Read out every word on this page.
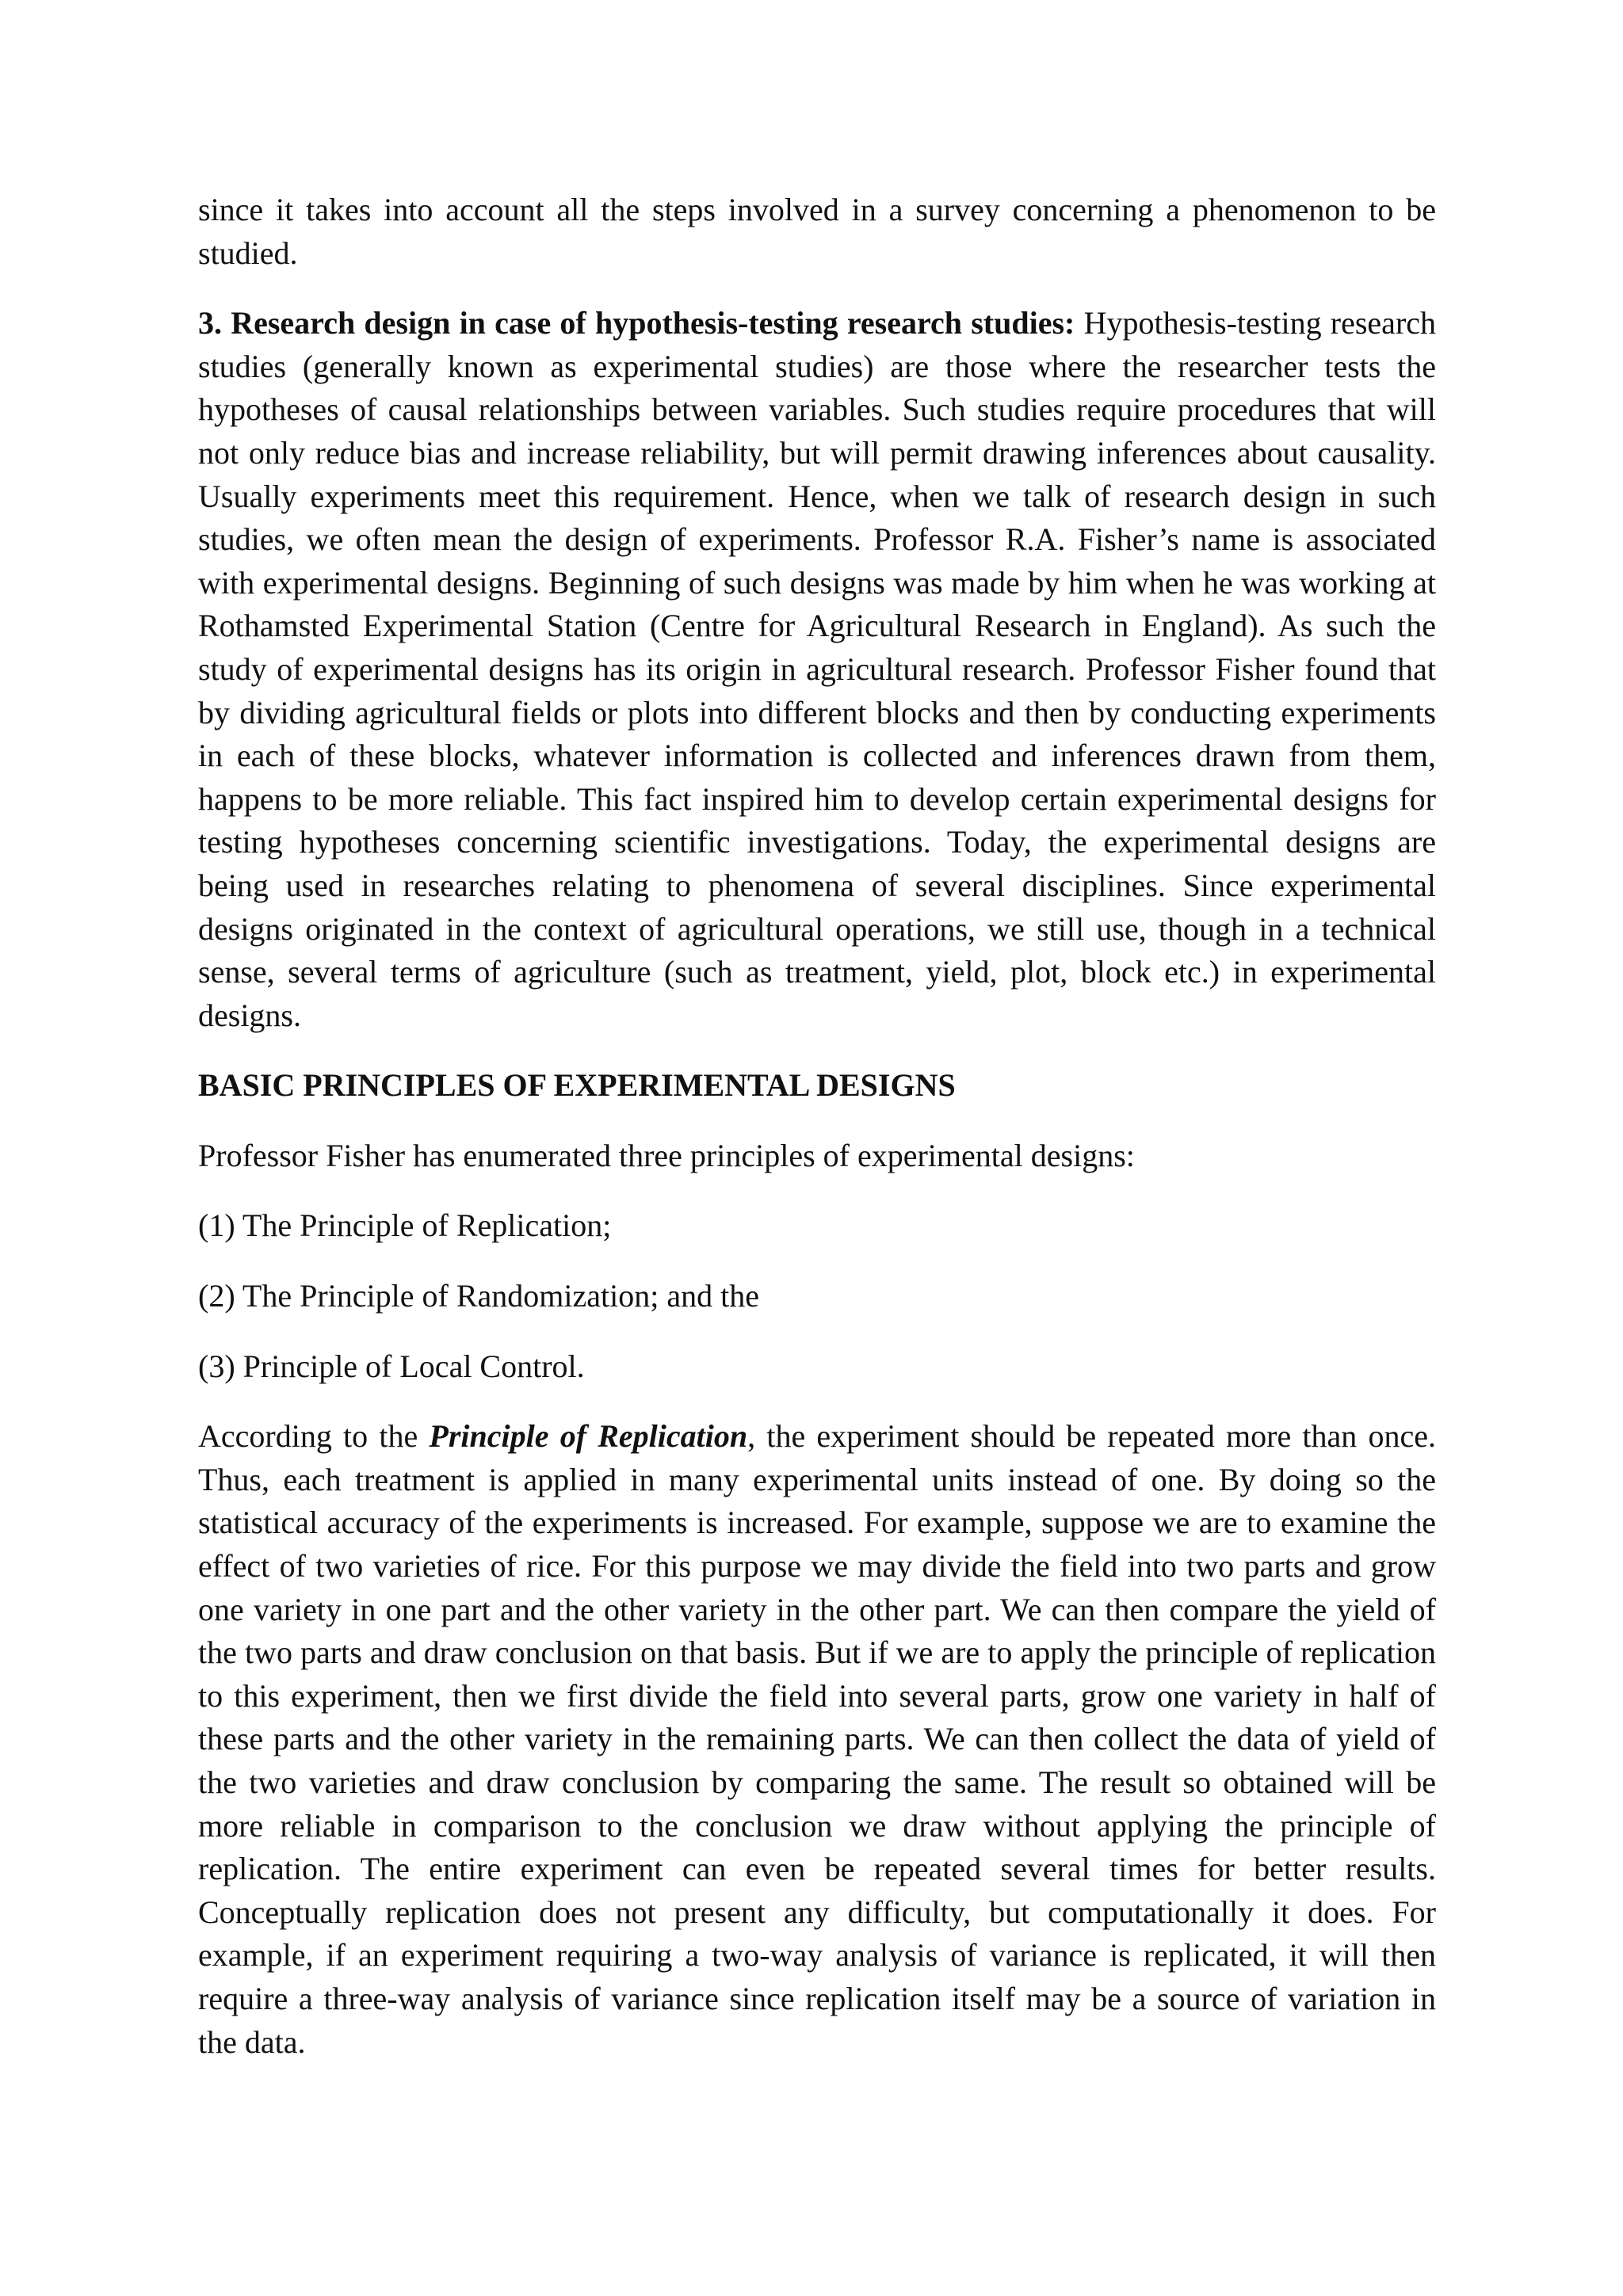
since it takes into account all the steps involved in a survey concerning a phenomenon to be studied.

3. Research design in case of hypothesis-testing research studies: Hypothesis-testing research studies (generally known as experimental studies) are those where the researcher tests the hypotheses of causal relationships between variables. Such studies require procedures that will not only reduce bias and increase reliability, but will permit drawing inferences about causality. Usually experiments meet this requirement. Hence, when we talk of research design in such studies, we often mean the design of experiments. Professor R.A. Fisher’s name is associated with experimental designs. Beginning of such designs was made by him when he was working at Rothamsted Experimental Station (Centre for Agricultural Research in England). As such the study of experimental designs has its origin in agricultural research. Professor Fisher found that by dividing agricultural fields or plots into different blocks and then by conducting experiments in each of these blocks, whatever information is collected and inferences drawn from them, happens to be more reliable. This fact inspired him to develop certain experimental designs for testing hypotheses concerning scientific investigations. Today, the experimental designs are being used in researches relating to phenomena of several disciplines. Since experimental designs originated in the context of agricultural operations, we still use, though in a technical sense, several terms of agriculture (such as treatment, yield, plot, block etc.) in experimental designs.

BASIC PRINCIPLES OF EXPERIMENTAL DESIGNS

Professor Fisher has enumerated three principles of experimental designs:

(1) The Principle of Replication;

(2) The Principle of Randomization; and the

(3) Principle of Local Control.

According to the Principle of Replication, the experiment should be repeated more than once. Thus, each treatment is applied in many experimental units instead of one. By doing so the statistical accuracy of the experiments is increased. For example, suppose we are to examine the effect of two varieties of rice. For this purpose we may divide the field into two parts and grow one variety in one part and the other variety in the other part. We can then compare the yield of the two parts and draw conclusion on that basis. But if we are to apply the principle of replication to this experiment, then we first divide the field into several parts, grow one variety in half of these parts and the other variety in the remaining parts. We can then collect the data of yield of the two varieties and draw conclusion by comparing the same. The result so obtained will be more reliable in comparison to the conclusion we draw without applying the principle of replication. The entire experiment can even be repeated several times for better results. Conceptually replication does not present any difficulty, but computationally it does. For example, if an experiment requiring a two-way analysis of variance is replicated, it will then require a three-way analysis of variance since replication itself may be a source of variation in the data.
